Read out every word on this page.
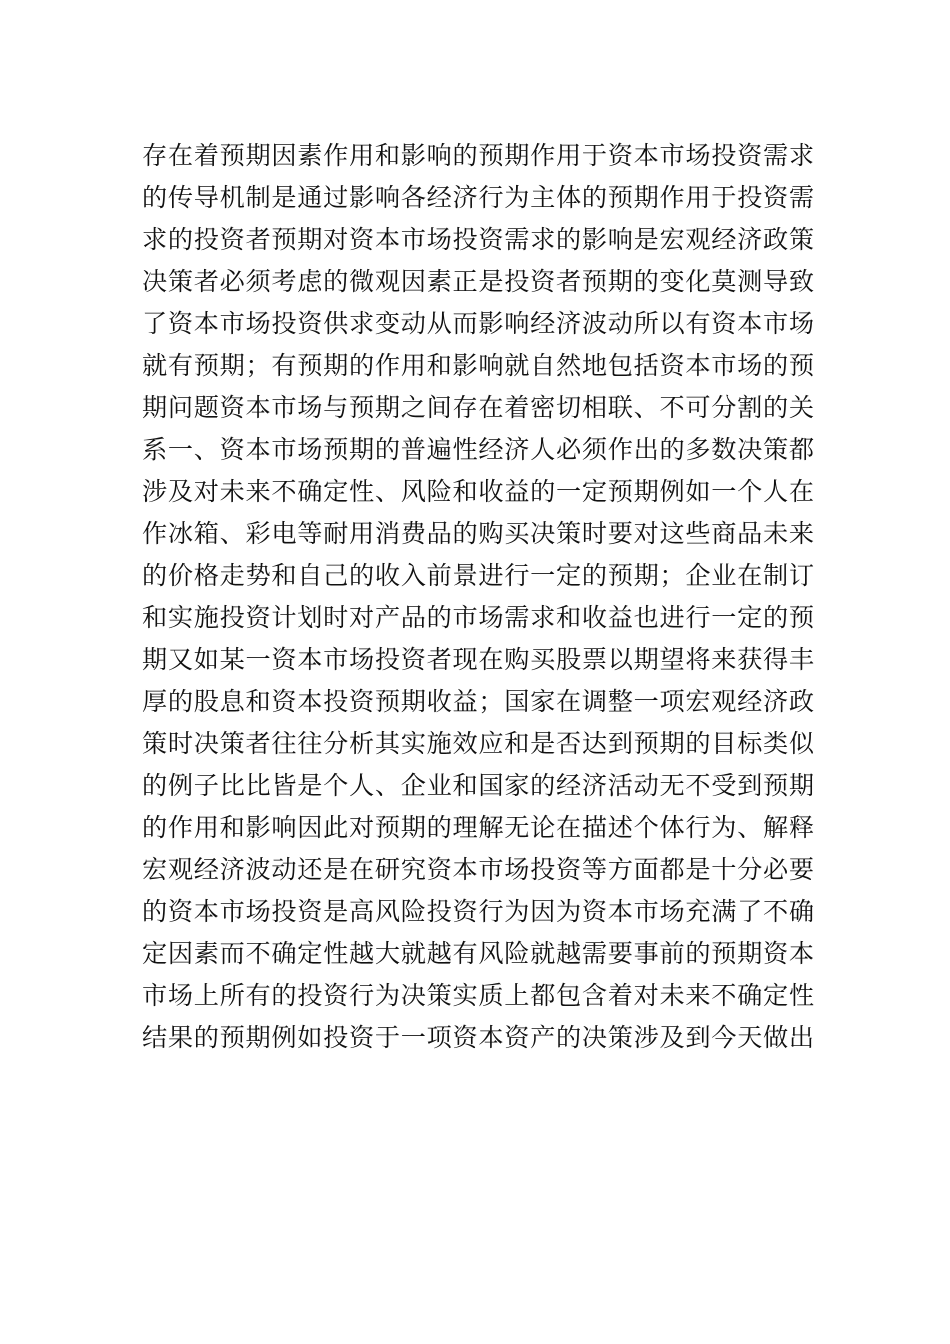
存在着预期因素作用和影响的预期作用于资本市场投资需求
的传导机制是通过影响各经济行为主体的预期作用于投资需
求的投资者预期对资本市场投资需求的影响是宏观经济政策
决策者必须考虑的微观因素正是投资者预期的变化莫测导致
了资本市场投资供求变动从而影响经济波动所以有资本市场
就有预期；有预期的作用和影响就自然地包括资本市场的预
期问题资本市场与预期之间存在着密切相联、不可分割的关
系一、资本市场预期的普遍性经济人必须作出的多数决策都
涉及对未来不确定性、风险和收益的一定预期例如一个人在
作冰箱、彩电等耐用消费品的购买决策时要对这些商品未来
的价格走势和自己的收入前景进行一定的预期；企业在制订
和实施投资计划时对产品的市场需求和收益也进行一定的预
期又如某一资本市场投资者现在购买股票以期望将来获得丰
厚的股息和资本投资预期收益；国家在调整一项宏观经济政
策时决策者往往分析其实施效应和是否达到预期的目标类似
的例子比比皆是个人、企业和国家的经济活动无不受到预期
的作用和影响因此对预期的理解无论在描述个体行为、解释
宏观经济波动还是在研究资本市场投资等方面都是十分必要
的资本市场投资是高风险投资行为因为资本市场充满了不确
定因素而不确定性越大就越有风险就越需要事前的预期资本
市场上所有的投资行为决策实质上都包含着对未来不确定性
结果的预期例如投资于一项资本资产的决策涉及到今天做出
